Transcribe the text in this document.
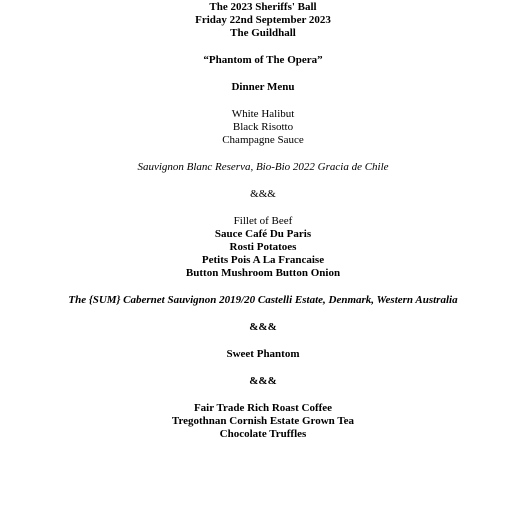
The 2023 Sheriffs' Ball
Friday 22nd September 2023
The Guildhall
“Phantom of The Opera”
Dinner Menu
White Halibut
Black Risotto
Champagne Sauce
Sauvignon Blanc Reserva, Bio-Bio 2022 Gracia de Chile
&&&
Fillet of Beef
Sauce Café Du Paris
Rosti Potatoes
Petits Pois A La Francaise
Button Mushroom Button Onion
The {SUM} Cabernet Sauvignon 2019/20 Castelli Estate, Denmark, Western Australia
&&&
Sweet Phantom
&&&
Fair Trade Rich Roast Coffee
Tregothnan Cornish Estate Grown Tea
Chocolate Truffles
